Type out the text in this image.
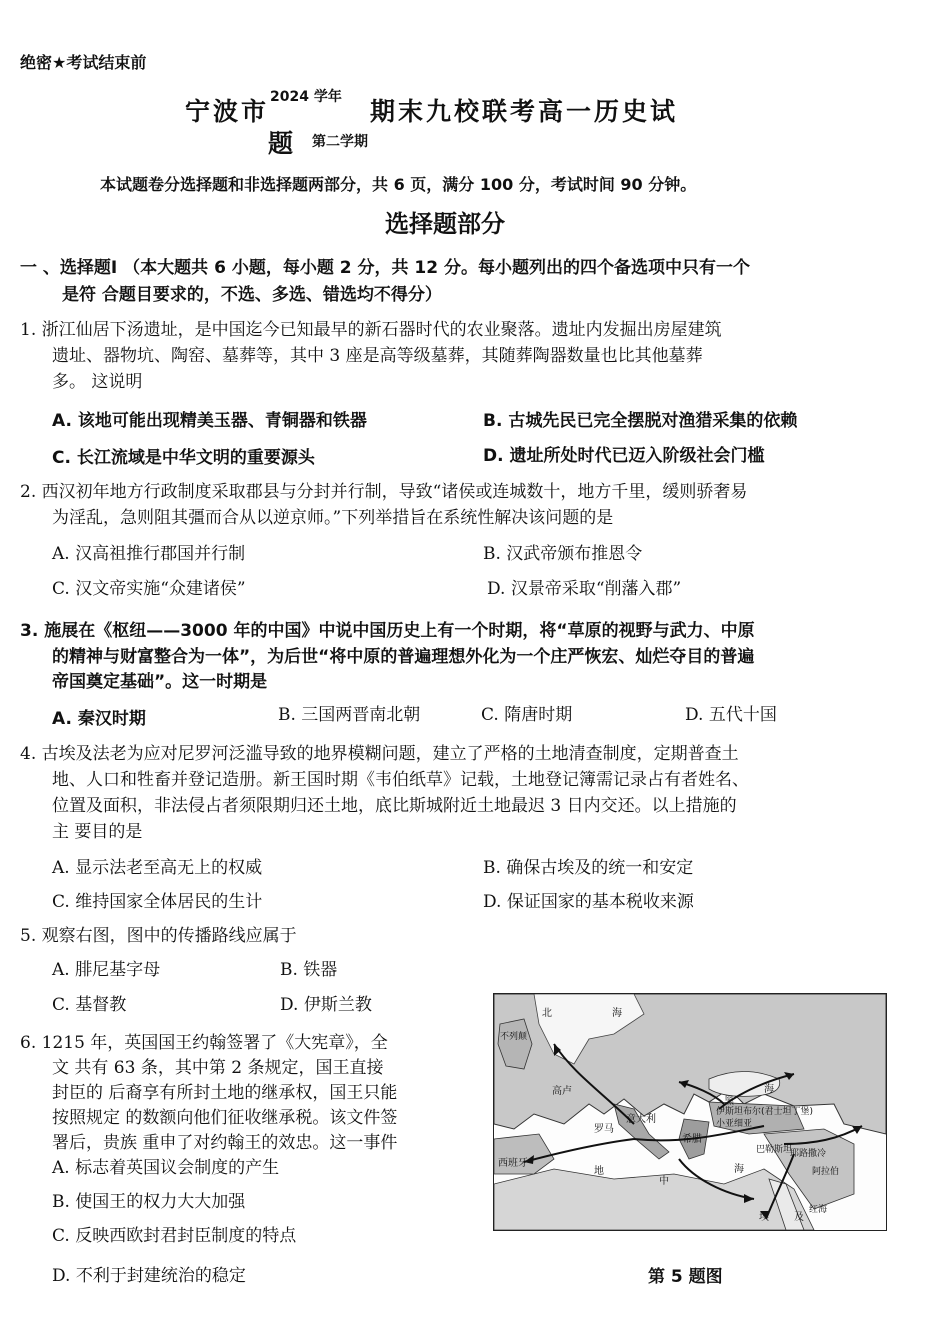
绝密★考试结束前
宁波市 2024 学年 期末九校联考高一历史试
题 第二学期
本试题卷分选择题和非选择题两部分，共 6 页，满分 100 分，考试时间 90 分钟。
选择题部分
一 、选择题Ⅰ （本大题共 6 小题，每小题 2 分，共 12 分。每小题列出的四个备选项中只有一个
是符 合题目要求的，不选、多选、错选均不得分）
1. 浙江仙居下汤遗址，是中国迄今已知最早的新石器时代的农业聚落。遗址内发掘出房屋建筑
遗址、器物坑、陶窑、墓葬等，其中 3 座是高等级墓葬，其随葬陶器数量也比其他墓葬
多。 这说明
A. 该地可能出现精美玉器、青铜器和铁器	B. 古城先民已完全摆脱对渔猎采集的依赖
C. 长江流域是中华文明的重要源头	D. 遗址所处时代已迈入阶级社会门槛
2. 西汉初年地方行政制度采取郡县与分封并行制，导致“诸侯或连城数十，地方千里，缓则骄奢易
为淫乱，急则阻其彊而合从以逆京师。”下列举措旨在系统性解决该问题的是
A. 汉高祖推行郡国并行制	B. 汉武帝颁布推恩令
C. 汉文帝实施“众建诸侯”	D. 汉景帝采取“削藩入郡”
3. 施展在《枢纽——3000 年的中国》中说中国历史上有一个时期，将“草原的视野与武力、中原
的精神与财富整合为一体”，为后世“将中原的普遍理想外化为一个庄严恢宏、灿烂夺目的普遍
帝国奠定基础”。这一时期是
A. 秦汉时期	B. 三国两晋南北朝	C. 隋唐时期	D. 五代十国
4. 古埃及法老为应对尼罗河泛滥导致的地界模糊问题，建立了严格的土地清查制度，定期普查土
地、人口和牲畜并登记造册。新王国时期《韦伯纸草》记载，土地登记簿需记录占有者姓名、
位置及面积，非法侵占者须限期归还土地，底比斯城附近土地最迟 3 日内交还。以上措施的
主 要目的是
A. 显示法老至高无上的权威	B. 确保古埃及的统一和安定
C. 维持国家全体居民的生计	D. 保证国家的基本税收来源
5. 观察右图，图中的传播路线应属于
A. 腓尼基字母	B. 铁器
C. 基督教	D. 伊斯兰教
6. 1215 年，英国国王约翰签署了《大宪章》，全
文 共有 63 条，其中第 2 条规定，国王直接
封臣的 后裔享有所封土地的继承权，国王只能
按照规定 的数额向他们征收继承税。该文件签
署后，贵族 重申了对约翰王的效忠。这一事件
A. 标志着英国议会制度的产生
B. 使国王的权力大大加强
C. 反映西欧封君封臣制度的特点
D. 不利于封建统治的稳定
北	海
不列颠
高卢
黑
海
意大利
罗马
希腊
伊斯坦布尔(君士坦丁堡)
小亚细亚
西班牙
地
中
海
巴勒斯坦
耶路撒冷
阿拉伯
埃	及
红海
第 5 题图
